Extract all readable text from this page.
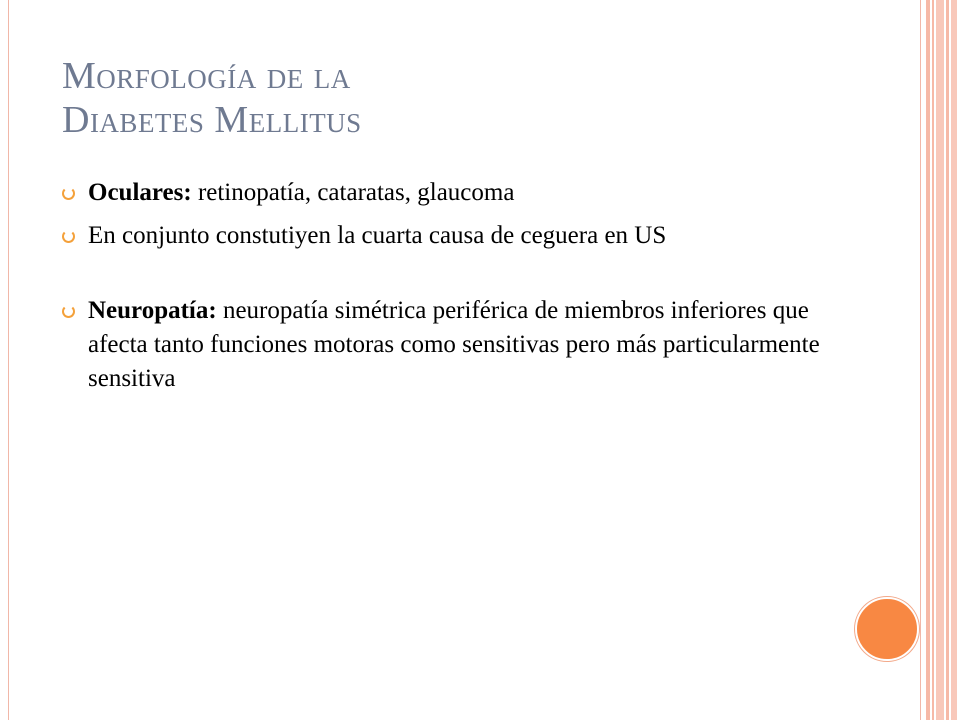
Morfología de la
Diabetes Mellitus
Oculares: retinopatía, cataratas, glaucoma
En conjunto constutiyen la cuarta causa de ceguera en US
Neuropatía: neuropatía simétrica periférica de miembros inferiores que afecta tanto funciones motoras como sensitivas pero más particularmente sensitiva
